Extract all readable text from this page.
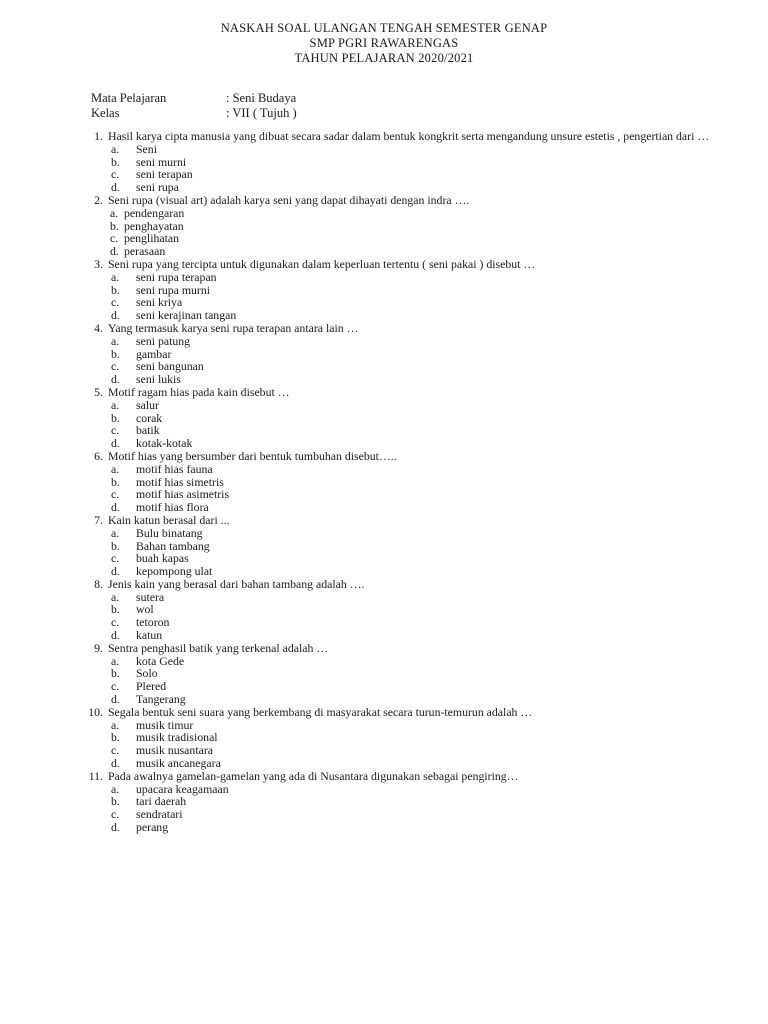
NASKAH SOAL ULANGAN TENGAH SEMESTER GENAP
SMP PGRI RAWARENGAS
TAHUN PELAJARAN 2020/2021
Mata Pelajaran	: Seni Budaya
Kelas	: VII ( Tujuh )
1. Hasil karya cipta manusia yang dibuat secara sadar dalam bentuk kongkrit serta mengandung unsure estetis , pengertian dari …
a. Seni
b. seni murni
c. seni terapan
d. seni rupa
2. Seni rupa (visual art) adalah karya seni yang dapat dihayati dengan indra ….
a. pendengaran
b. penghayatan
c. penglihatan
d. perasaan
3. Seni rupa yang tercipta untuk digunakan dalam keperluan tertentu ( seni pakai ) disebut …
a. seni rupa terapan
b. seni rupa murni
c. seni kriya
d. seni kerajinan tangan
4. Yang termasuk karya seni rupa terapan antara lain …
a. seni patung
b. gambar
c. seni bangunan
d. seni lukis
5. Motif ragam hias pada kain disebut …
a. salur
b. corak
c. batik
d. kotak-kotak
6. Motif hias yang bersumber dari bentuk tumbuhan disebut…..
a. motif hias fauna
b. motif hias simetris
c. motif hias asimetris
d. motif hias flora
7. Kain katun berasal dari ...
a. Bulu binatang
b. Bahan tambang
c. buah kapas
d. kepompong ulat
8. Jenis kain yang berasal dari bahan tambang adalah ….
a. sutera
b. wol
c. tetoron
d. katun
9. Sentra penghasil batik yang terkenal adalah …
a. kota Gede
b. Solo
c. Plered
d. Tangerang
10. Segala bentuk seni suara yang berkembang di masyarakat secara turun-temurun adalah …
a. musik timur
b. musik tradisional
c. musik nusantara
d. musik ancanegara
11. Pada awalnya gamelan-gamelan yang ada di Nusantara digunakan sebagai pengiring…
a. upacara keagamaan
b. tari daerah
c. sendratari
d. perang
